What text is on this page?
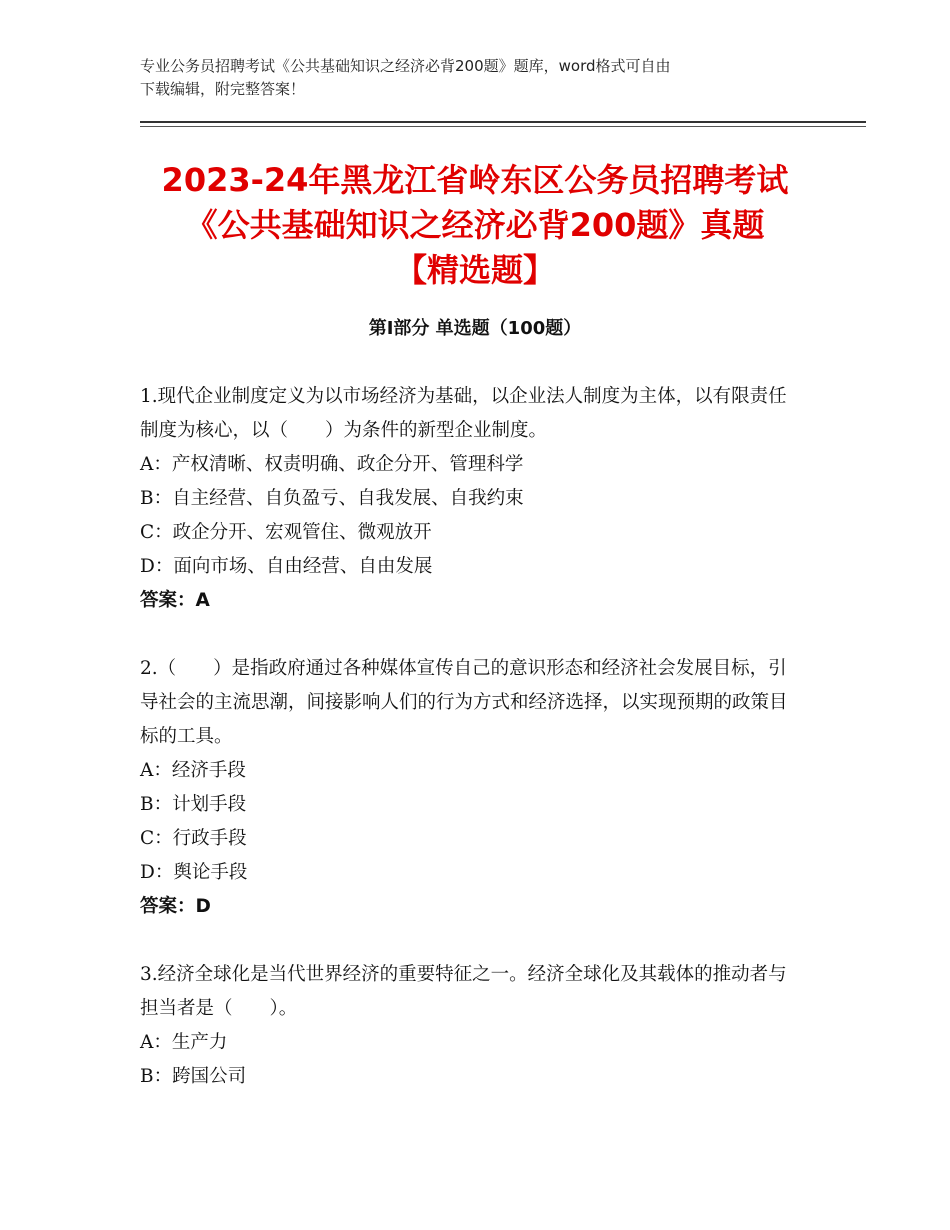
专业公务员招聘考试《公共基础知识之经济必背200题》题库，word格式可自由
下载编辑，附完整答案！
2023-24年黑龙江省岭东区公务员招聘考试
《公共基础知识之经济必背200题》真题
【精选题】
第Ⅰ部分 单选题（100题）

1.现代企业制度定义为以市场经济为基础，以企业法人制度为主体，以有限责任制度为核心，以（　　）为条件的新型企业制度。

A：产权清晰、权责明确、政企分开、管理科学

B：自主经营、自负盈亏、自我发展、自我约束

C：政企分开、宏观管住、微观放开

D：面向市场、自由经营、自由发展

答案：A

2.（　　）是指政府通过各种媒体宣传自己的意识形态和经济社会发展目标，引导社会的主流思潮，间接影响人们的行为方式和经济选择，以实现预期的政策目标的工具。

A：经济手段

B：计划手段

C：行政手段

D：舆论手段

答案：D

3.经济全球化是当代世界经济的重要特征之一。经济全球化及其载体的推动者与担当者是（　　）。

A：生产力

B：跨国公司
